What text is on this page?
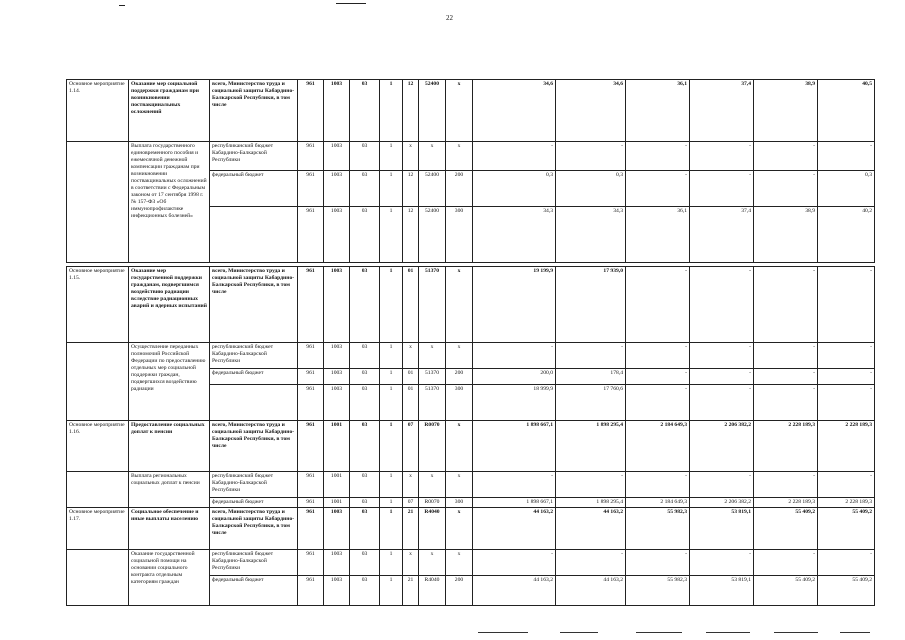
22
Основное мероприятие 1.14.	Оказание мер социальной поддержки гражданам при возникновении поствакцинальных осложнений	всего, Министерство труда и социальной защиты Кабардино-Балкарской Республики, в том числе	961	1003	03	1	12	52400	x	34,6	34,6	36,1	37,4	38,9	40,5
	Выплата государственного единовременного пособия и ежемесячной денежной компенсации гражданам при возникновении поствакцинальных осложнений в соответствии с Федеральным законом от 17 сентября 1998 г. № 157-ФЗ «Об иммунопрофилактике инфекционных болезней»	республиканский бюджет Кабардино-Балкарской Республики	961	1003	03	1	x	x	x	-	-	-	-	-	-
		федеральный бюджет	961	1003	03	1	12	52400	200	0,3	0,3	-	-	-	0,3
			961	1003	03	1	12	52400	300	34,3	34,3	36,1	37,4	38,9	40,2
Основное мероприятие 1.15.	Оказание мер государственной поддержки гражданам, подвергшимся воздействию радиации вследствие радиационных аварий и ядерных испытаний	всего, Министерство труда и социальной защиты Кабардино-Балкарской Республики, в том числе	961	1003	03	1	01	51370	x	19 199,9	17 939,0	-	-	-	-
	Осуществление переданных полномочий Российской Федерации по предоставлению отдельных мер социальной поддержки граждан, подвергшихся воздействию радиации	республиканский бюджет Кабардино-Балкарской Республики	961	1003	03	1	x	x	x	-	-	-	-	-	-
		федеральный бюджет	961	1003	03	1	01	51370	200	200,0	178,4	-	-	-	-
			961	1003	03	1	01	51370	300	18 999,9	17 760,6	-	-	-	-
Основное мероприятие 1.16.	Предоставление социальных доплат к пенсии	всего, Министерство труда и социальной защиты Кабардино-Балкарской Республики, в том числе	961	1001	03	1	07	R0070	x	1 898 667,1	1 898 295,4	2 184 649,3	2 206 382,2	2 228 189,3	2 228 189,3
	Выплата региональных социальных доплат к пенсии	республиканский бюджет Кабардино-Балкарской Республики	961	1001	03	1	x	x	x	-	-	-	-	-	-
		федеральный бюджет	961	1001	03	1	07	R0070	300	1 898 667,1	1 898 295,4	2 184 649,3	2 206 382,2	2 228 189,3	2 228 189,3
Основное мероприятие 1.17.	Социальное обеспечение и иные выплаты населению	всего, Министерство труда и социальной защиты Кабардино-Балкарской Республики, в том числе	961	1003	03	1	21	R4040	x	44 163,2	44 163,2	55 982,3	53 819,1	55 409,2	55 409,2
	Оказание государственной социальной помощи на основании социального контракта отдельным категориям граждан	республиканский бюджет Кабардино-Балкарской Республики	961	1003	03	1	x	x	x	-	-	-	-	-	-
		федеральный бюджет	961	1003	03	1	21	R4040	200	44 163,2	44 163,2	55 982,3	53 819,1	55 409,2	55 409,2
